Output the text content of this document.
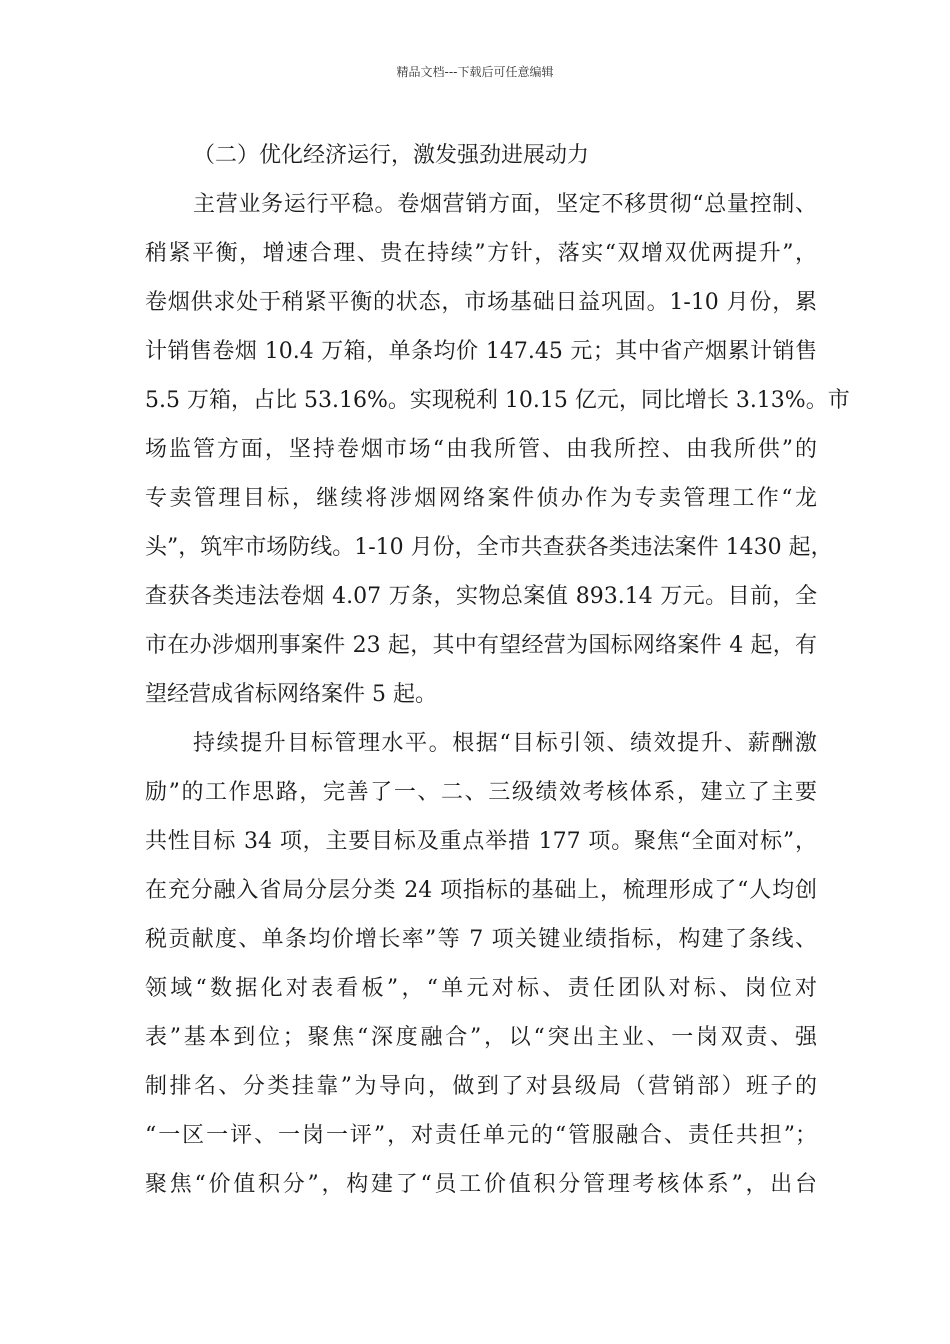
精品文档---下载后可任意编辑
（二）优化经济运行，激发强劲进展动力
主营业务运行平稳。卷烟营销方面，坚定不移贯彻“总量控制、
稍紧平衡，增速合理、贵在持续”方针，落实“双增双优两提升”，
卷烟供求处于稍紧平衡的状态，市场基础日益巩固。1-10 月份，累
计销售卷烟 10.4 万箱，单条均价 147.45 元；其中省产烟累计销售
5.5 万箱，占比 53.16%。实现税利 10.15 亿元，同比增长 3.13%。市
场监管方面，坚持卷烟市场“由我所管、由我所控、由我所供”的
专卖管理目标，继续将涉烟网络案件侦办作为专卖管理工作“龙
头”，筑牢市场防线。1-10 月份，全市共查获各类违法案件 1430 起，
查获各类违法卷烟 4.07 万条，实物总案值 893.14 万元。目前，全
市在办涉烟刑事案件 23 起，其中有望经营为国标网络案件 4 起，有
望经营成省标网络案件 5 起。
持续提升目标管理水平。根据“目标引领、绩效提升、薪酬激
励”的工作思路，完善了一、二、三级绩效考核体系，建立了主要
共性目标 34 项，主要目标及重点举措 177 项。聚焦“全面对标”，
在充分融入省局分层分类 24 项指标的基础上，梳理形成了“人均创
税贡献度、单条均价增长率”等 7 项关键业绩指标，构建了条线、
领域“数据化对表看板”，“单元对标、责任团队对标、岗位对
表”基本到位；聚焦“深度融合”，以“突出主业、一岗双责、强
制排名、分类挂靠”为导向，做到了对县级局（营销部）班子的
“一区一评、一岗一评”，对责任单元的“管服融合、责任共担”；
聚焦“价值积分”，构建了“员工价值积分管理考核体系”，出台
